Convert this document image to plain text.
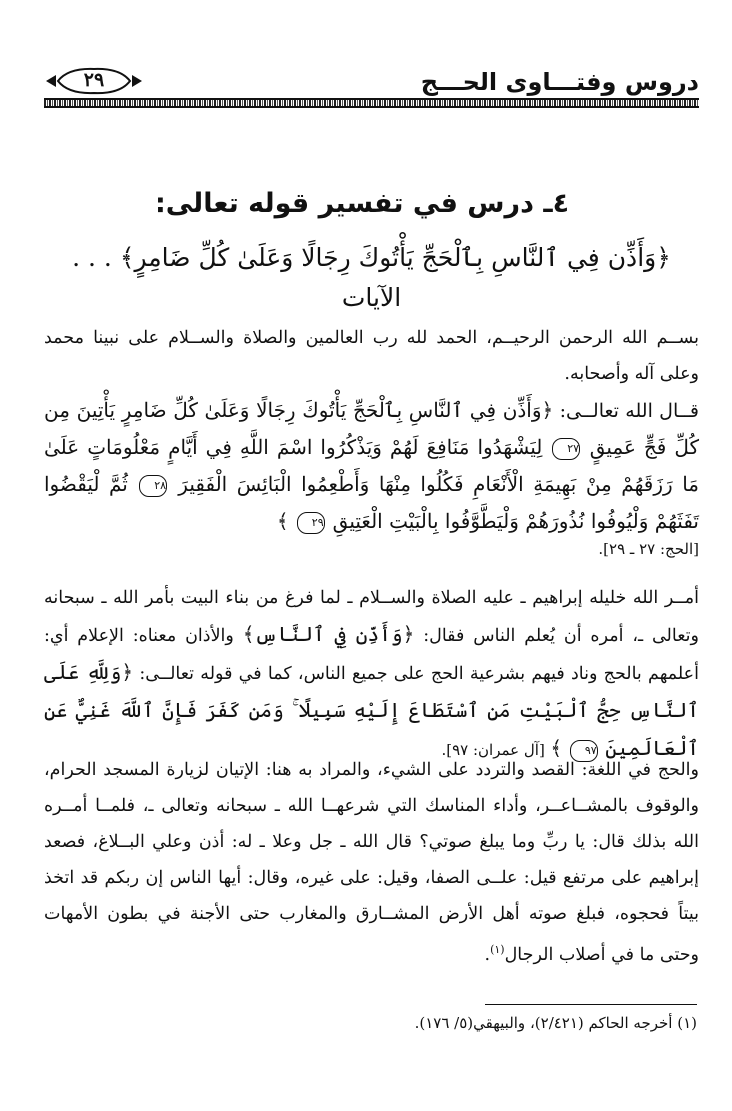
دروس وفتـــاوى الحـــج
٢٩
٤ـ درس في تفسير قوله تعالى:
﴿وَأَذِّن فِي ٱلنَّاسِ بِٱلْحَجِّ يَأْتُوكَ رِجَالًا وَعَلَىٰ كُلِّ ضَامِرٍ﴾ . . . الآيات
بســم الله الرحمن الرحيــم، الحمد لله رب العالمين والصلاة والســلام على نبينا محمد وعلى آله وأصحابه.
قــال الله تعالــى: ﴿وَأَذِّن فِي ٱلنَّاسِ بِٱلْحَجِّ يَأْتُوكَ رِجَالًا وَعَلَىٰ كُلِّ ضَامِرٍ يَأْتِينَ مِن كُلِّ فَجٍّ عَمِيقٍ ٢٧ لِيَشْهَدُوا مَنَافِعَ لَهُمْ وَيَذْكُرُوا اسْمَ اللَّهِ فِي أَيَّامٍ مَعْلُومَاتٍ عَلَىٰ مَا رَزَقَهُمْ مِنْ بَهِيمَةِ الْأَنْعَامِ فَكُلُوا مِنْهَا وَأَطْعِمُوا الْبَائِسَ الْفَقِيرَ ٢٨ ثُمَّ لْيَقْضُوا تَفَثَهُمْ وَلْيُوفُوا نُذُورَهُمْ وَلْيَطَّوَّفُوا بِالْبَيْتِ الْعَتِيقِ ٢٩ ﴾
[الحج: ٢٧ ـ ٢٩].
أمــر الله خليله إبراهيم ـ عليه الصلاة والســلام ـ لما فرغ من بناء البيت بأمر الله ـ سبحانه وتعالى ـ، أمره أن يُعلم الناس فقال: ﴿وَأَذِّن فِي ٱلنَّاسِ﴾ والأذان معناه: الإعلام أي: أعلمهم بالحج وناد فيهم بشرعية الحج على جميع الناس، كما في قوله تعالــى: ﴿وَلِلَّهِ عَلَى ٱلنَّاسِ حِجُّ ٱلْبَيْتِ مَنِ ٱسْتَطَاعَ إِلَيْهِ سَبِيلًا ۚ وَمَن كَفَرَ فَإِنَّ ٱللَّهَ غَنِيٌّ عَنِ ٱلْعَالَمِينَ ٩٧ ﴾ [آل عمران: ٩٧].
والحج في اللغة: القصد والتردد على الشيء، والمراد به هنا: الإتيان لزيارة المسجد الحرام، والوقوف بالمشــاعــر، وأداء المناسك التي شرعهــا الله ـ سبحانه وتعالى ـ، فلمــا أمــره الله بذلك قال: يا ربِّ وما يبلغ صوتي؟ قال الله ـ جل وعلا ـ له: أذن وعلي البــلاغ، فصعد إبراهيم على مرتفع قيل: علــى الصفا، وقيل: على غيره، وقال: أيها الناس إن ربكم قد اتخذ بيتاً فحجوه، فبلغ صوته أهل الأرض المشــارق والمغارب حتى الأجنة في بطون الأمهات وحتى ما في أصلاب الرجال$^{(١)}$.
(١) أخرجه الحاكم (٢/٤٢١)، والبيهقي(٥/ ١٧٦).
